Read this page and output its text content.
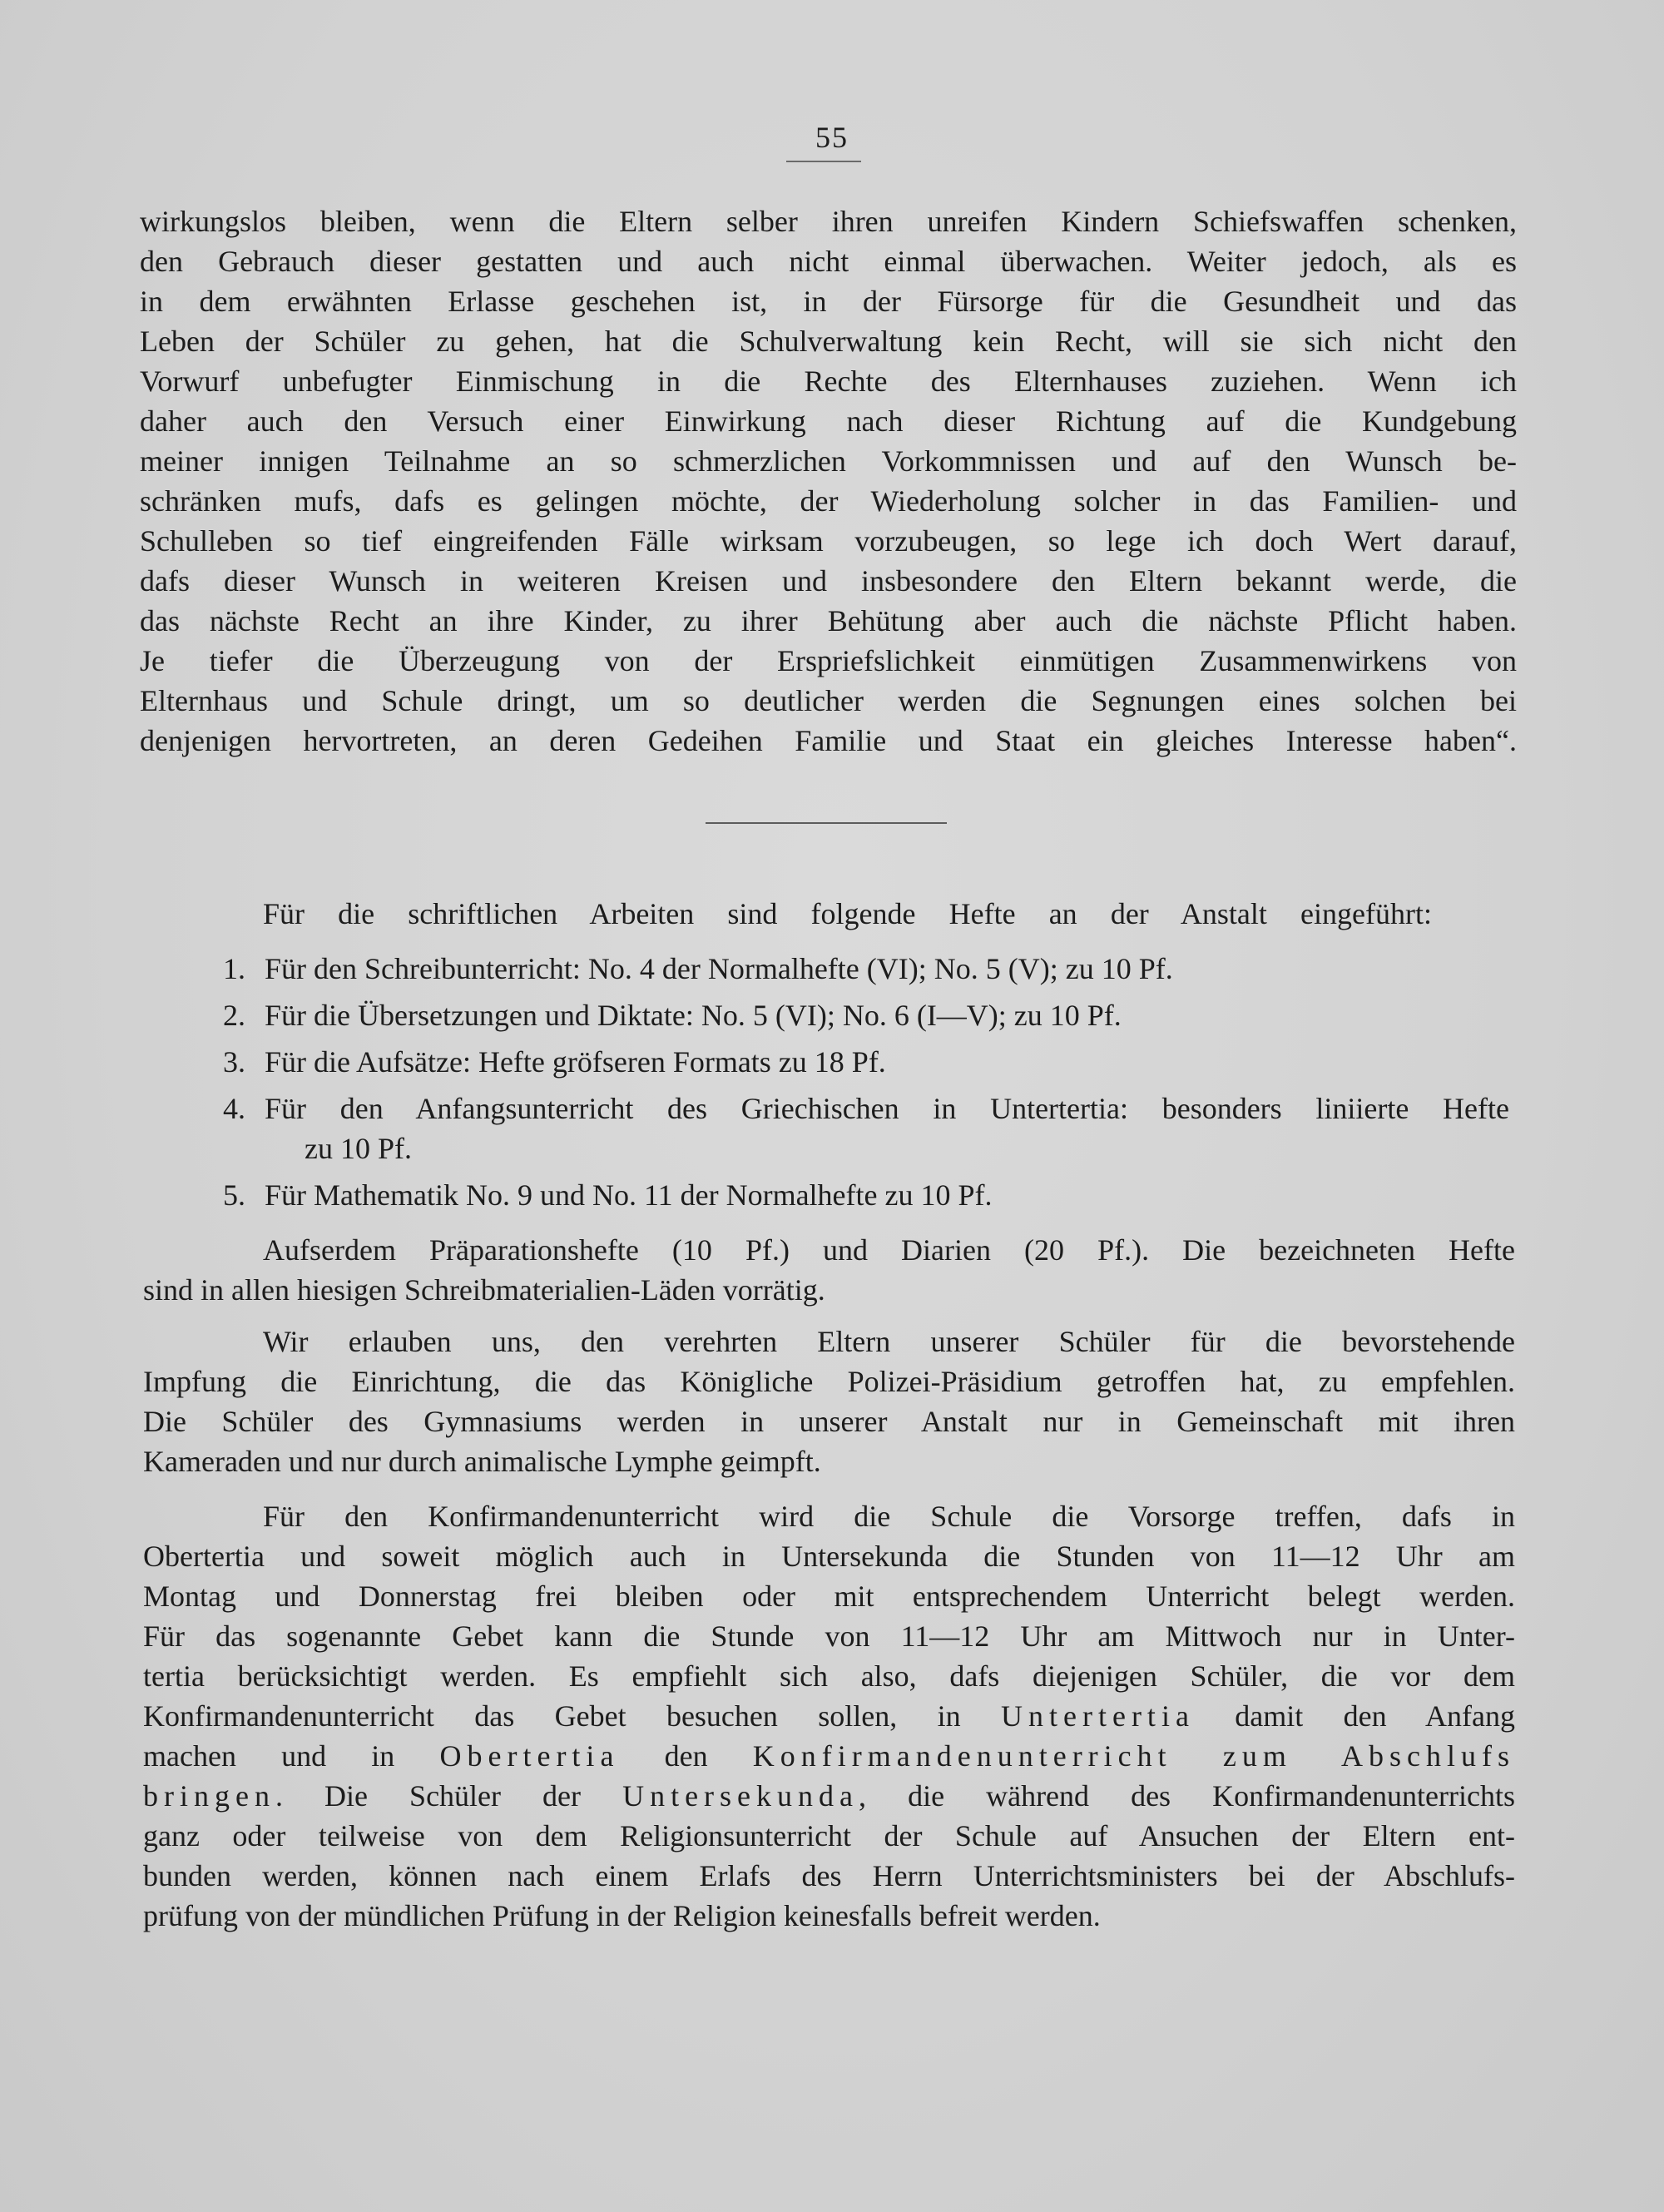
55
wirkungslos bleiben, wenn die Eltern selber ihren unreifen Kindern Schiefswaffen schenken,
den Gebrauch dieser gestatten und auch nicht einmal überwachen. Weiter jedoch, als es
in dem erwähnten Erlasse geschehen ist, in der Fürsorge für die Gesundheit und das
Leben der Schüler zu gehen, hat die Schulverwaltung kein Recht, will sie sich nicht den
Vorwurf unbefugter Einmischung in die Rechte des Elternhauses zuziehen. Wenn ich
daher auch den Versuch einer Einwirkung nach dieser Richtung auf die Kundgebung
meiner innigen Teilnahme an so schmerzlichen Vorkommnissen und auf den Wunsch be-
schränken mufs, dafs es gelingen möchte, der Wiederholung solcher in das Familien- und
Schulleben so tief eingreifenden Fälle wirksam vorzubeugen, so lege ich doch Wert darauf,
dafs dieser Wunsch in weiteren Kreisen und insbesondere den Eltern bekannt werde, die
das nächste Recht an ihre Kinder, zu ihrer Behütung aber auch die nächste Pflicht haben.
Je tiefer die Überzeugung von der Erspriefslichkeit einmütigen Zusammenwirkens von
Elternhaus und Schule dringt, um so deutlicher werden die Segnungen eines solchen bei
denjenigen hervortreten, an deren Gedeihen Familie und Staat ein gleiches Interesse haben“.
Für die schriftlichen Arbeiten sind folgende Hefte an der Anstalt eingeführt:
1. Für den Schreibunterricht: No. 4 der Normalhefte (VI); No. 5 (V); zu 10 Pf.
2. Für die Übersetzungen und Diktate: No. 5 (VI); No. 6 (I—V); zu 10 Pf.
3. Für die Aufsätze: Hefte gröfseren Formats zu 18 Pf.
4. Für den Anfangsunterricht des Griechischen in Untertertia: besonders liniierte Hefte
zu 10 Pf.
5. Für Mathematik No. 9 und No. 11 der Normalhefte zu 10 Pf.
Aufserdem Präparationshefte (10 Pf.) und Diarien (20 Pf.). Die bezeichneten Hefte
sind in allen hiesigen Schreibmaterialien-Läden vorrätig.
Wir erlauben uns, den verehrten Eltern unserer Schüler für die bevorstehende
Impfung die Einrichtung, die das Königliche Polizei-Präsidium getroffen hat, zu empfehlen.
Die Schüler des Gymnasiums werden in unserer Anstalt nur in Gemeinschaft mit ihren
Kameraden und nur durch animalische Lymphe geimpft.
Für den Konfirmandenunterricht wird die Schule die Vorsorge treffen, dafs in
Obertertia und soweit möglich auch in Untersekunda die Stunden von 11—12 Uhr am
Montag und Donnerstag frei bleiben oder mit entsprechendem Unterricht belegt werden.
Für das sogenannte Gebet kann die Stunde von 11—12 Uhr am Mittwoch nur in Unter-
tertia berücksichtigt werden. Es empfiehlt sich also, dafs diejenigen Schüler, die vor dem
Konfirmandenunterricht das Gebet besuchen sollen, in Untertertia damit den Anfang
machen und in Obertertia den Konfirmandenunterricht zum Abschlufs
bringen. Die Schüler der Untersekunda, die während des Konfirmandenunterrichts
ganz oder teilweise von dem Religionsunterricht der Schule auf Ansuchen der Eltern ent-
bunden werden, können nach einem Erlafs des Herrn Unterrichtsministers bei der Abschlufs-
prüfung von der mündlichen Prüfung in der Religion keinesfalls befreit werden.
